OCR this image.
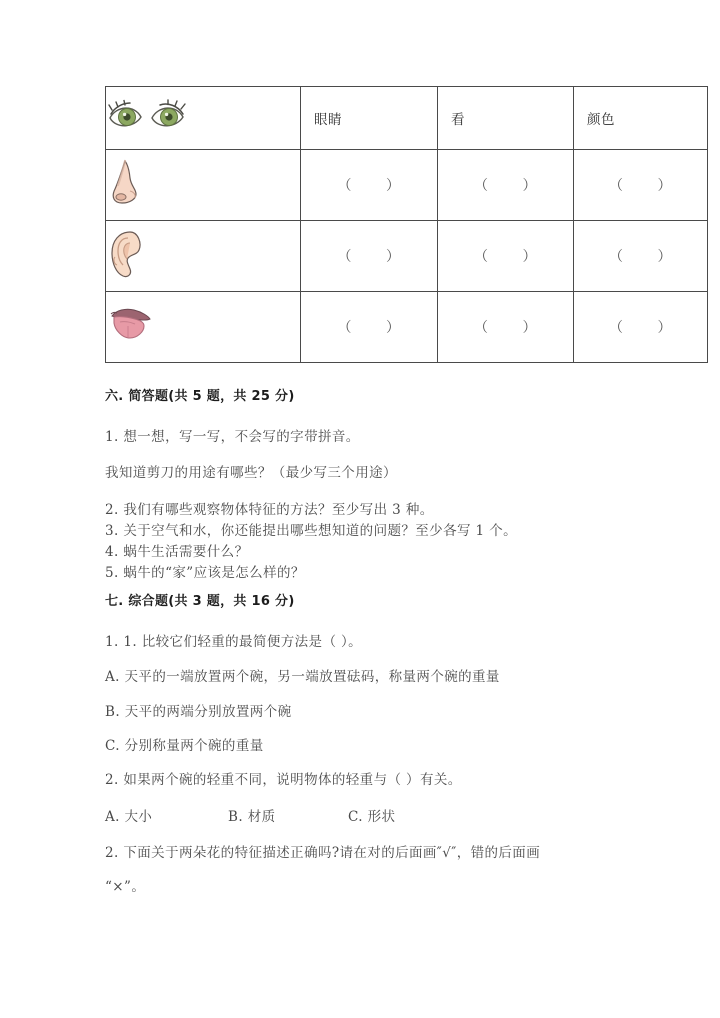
眼睛	看	颜色

（ ）	（ ）	（ ）

（ ）	（ ）	（ ）

（ ）	（ ）	（ ）
六. 简答题(共 5 题，共 25 分)
1. 想一想，写一写，不会写的字带拼音。
我知道剪刀的用途有哪些？（最少写三个用途）
2. 我们有哪些观察物体特征的方法？至少写出 3 种。
3. 关于空气和水，你还能提出哪些想知道的问题？至少各写 1 个。
4. 蜗牛生活需要什么？
5. 蜗牛的“家”应该是怎么样的？
七. 综合题(共 3 题，共 16 分)
1. 1. 比较它们轻重的最简便方法是（ ）。
A. 天平的一端放置两个碗，另一端放置砝码，称量两个碗的重量
B. 天平的两端分别放置两个碗
C. 分别称量两个碗的重量
2. 如果两个碗的轻重不同，说明物体的轻重与（ ）有关。
A. 大小	B. 材质	C. 形状
2. 下面关于两朵花的特征描述正确吗?请在对的后面画″√″，错的后面画
“×”。
